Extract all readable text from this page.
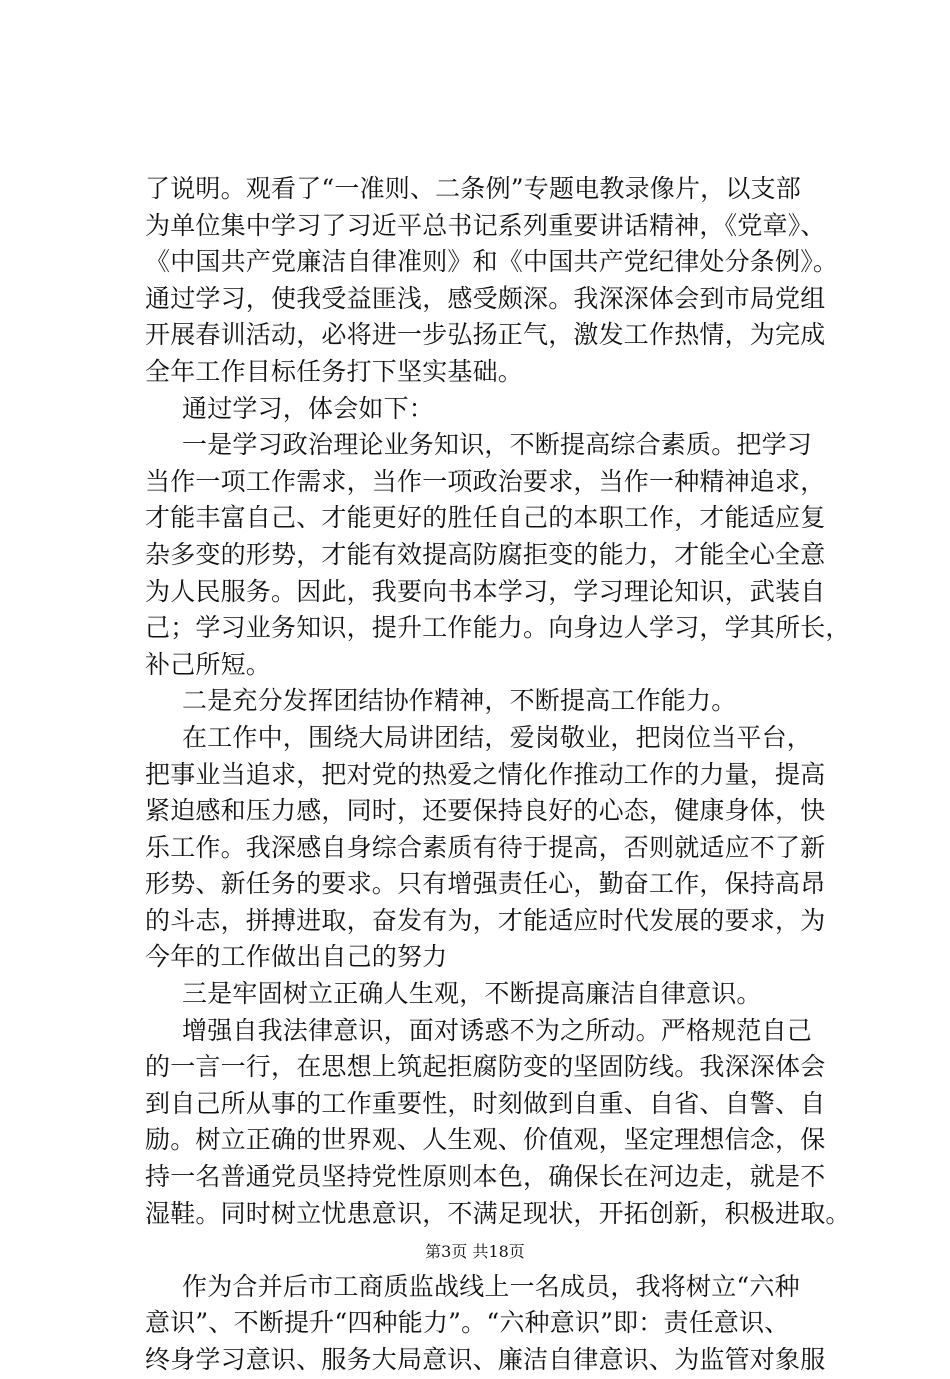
了说明。观看了“一准则、二条例”专题电教录像片，以支部
为单位集中学习了习近平总书记系列重要讲话精神，《党章》、
《中国共产党廉洁自律准则》和《中国共产党纪律处分条例》。
通过学习，使我受益匪浅，感受颇深。我深深体会到市局党组
开展春训活动，必将进一步弘扬正气，激发工作热情，为完成
全年工作目标任务打下坚实基础。
通过学习，体会如下：
一是学习政治理论业务知识，不断提高综合素质。把学习
当作一项工作需求，当作一项政治要求，当作一种精神追求，
才能丰富自己、才能更好的胜任自己的本职工作，才能适应复
杂多变的形势，才能有效提高防腐拒变的能力，才能全心全意
为人民服务。因此，我要向书本学习，学习理论知识，武装自
己；学习业务知识，提升工作能力。向身边人学习，学其所长，
补己所短。
二是充分发挥团结协作精神，不断提高工作能力。
在工作中，围绕大局讲团结，爱岗敬业，把岗位当平台，
把事业当追求，把对党的热爱之情化作推动工作的力量，提高
紧迫感和压力感，同时，还要保持良好的心态，健康身体，快
乐工作。我深感自身综合素质有待于提高，否则就适应不了新
形势、新任务的要求。只有增强责任心，勤奋工作，保持高昂
的斗志，拼搏进取，奋发有为，才能适应时代发展的要求，为
今年的工作做出自己的努力
三是牢固树立正确人生观，不断提高廉洁自律意识。
增强自我法律意识，面对诱惑不为之所动。严格规范自己
的一言一行，在思想上筑起拒腐防变的坚固防线。我深深体会
到自己所从事的工作重要性，时刻做到自重、自省、自警、自
励。树立正确的世界观、人生观、价值观，坚定理想信念，保
持一名普通党员坚持党性原则本色，确保长在河边走，就是不
湿鞋。同时树立忧患意识，不满足现状，开拓创新，积极进取。
作为合并后市工商质监战线上一名成员，我将树立“六种
意识”、不断提升“四种能力”。“六种意识”即：责任意识、
终身学习意识、服务大局意识、廉洁自律意识、为监管对象服
第3页 共18页
